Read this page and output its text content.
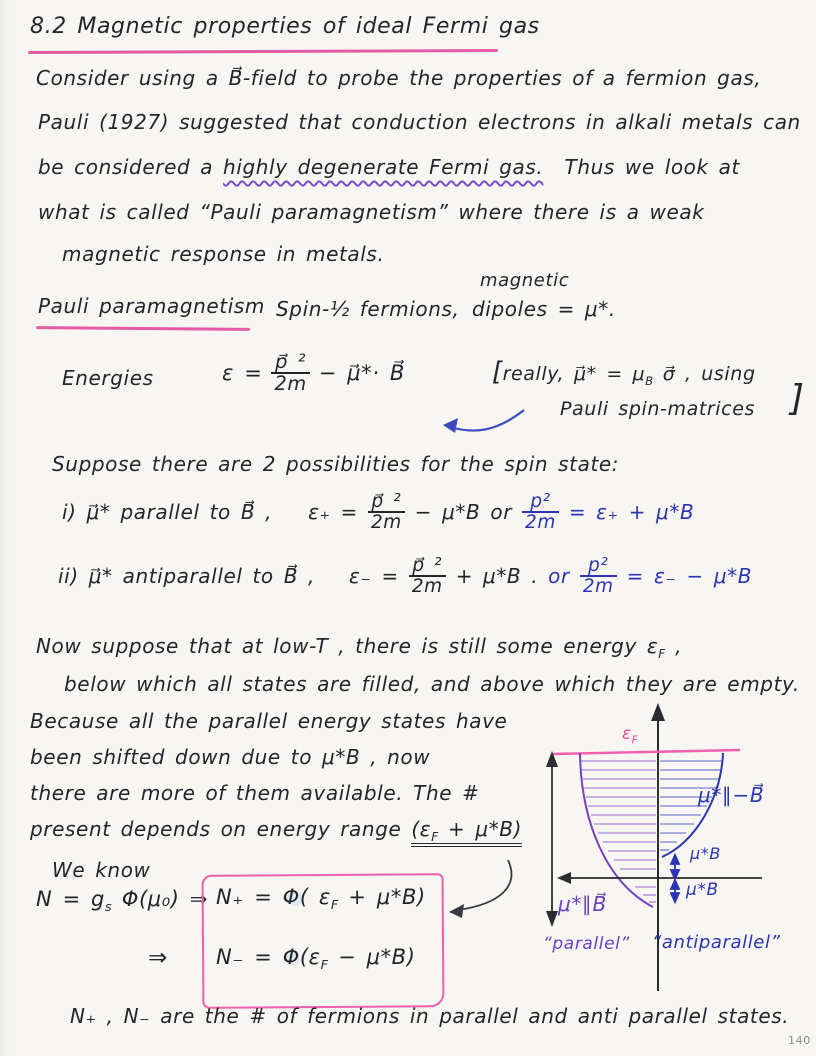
8.2 Magnetic properties of ideal Fermi gas
Consider using a B⃗-field to probe the properties of a fermion gas,
Pauli (1927) suggested that conduction electrons in alkali metals can
be considered a highly degenerate Fermi gas.  Thus we look at
what is called “Pauli paramagnetism” where there is a weak
magnetic response in metals.
Pauli paramagnetism Spin-½ fermions,
magnetic
dipoles = μ*.
Energies	$\varepsilon = \frac{\text{p⃗ ²}}{2m}$ − μ⃗*· B⃗	[really, μ⃗* = $\mu_B$ σ⃗ , using
Pauli spin-matrices ]
Suppose there are 2 possibilities for the spin state:
i) μ⃗* parallel to B⃗ , $\varepsilon_+ = \frac{\text{p⃗ ²}}{2m} - \mu*B$ or $\frac{\text{p²}}{2m} = \varepsilon_+ + \mu*B$
ii) μ⃗* antiparallel to B⃗ , $\varepsilon_- = \frac{\text{p⃗ ²}}{2m} + \mu*B$ . or $\frac{\text{p²}}{2m} = \varepsilon_- - \mu*B$
Now suppose that at low-T , there is still some energy $\varepsilon_F$ ,
below which all states are filled, and above which they are empty.
Because all the parallel energy states have
been shifted down due to μ*B , now
there are more of them available. The #
present depends on energy range $(\varepsilon_F + \mu*B)$
We know
$N = g_s$ Φ(μ₀) ⇒ N₊ = Φ( $\varepsilon_F + \mu*B$)
⇒ $N_- = \Phi(\varepsilon_F - \mu*B)$
N₊ , N₋ are the # of fermions in parallel and anti parallel states.
140
$\varepsilon_F$
μ*∥−B⃗
μ*B
μ*B
μ*∥B⃗
“parallel” “antiparallel”
